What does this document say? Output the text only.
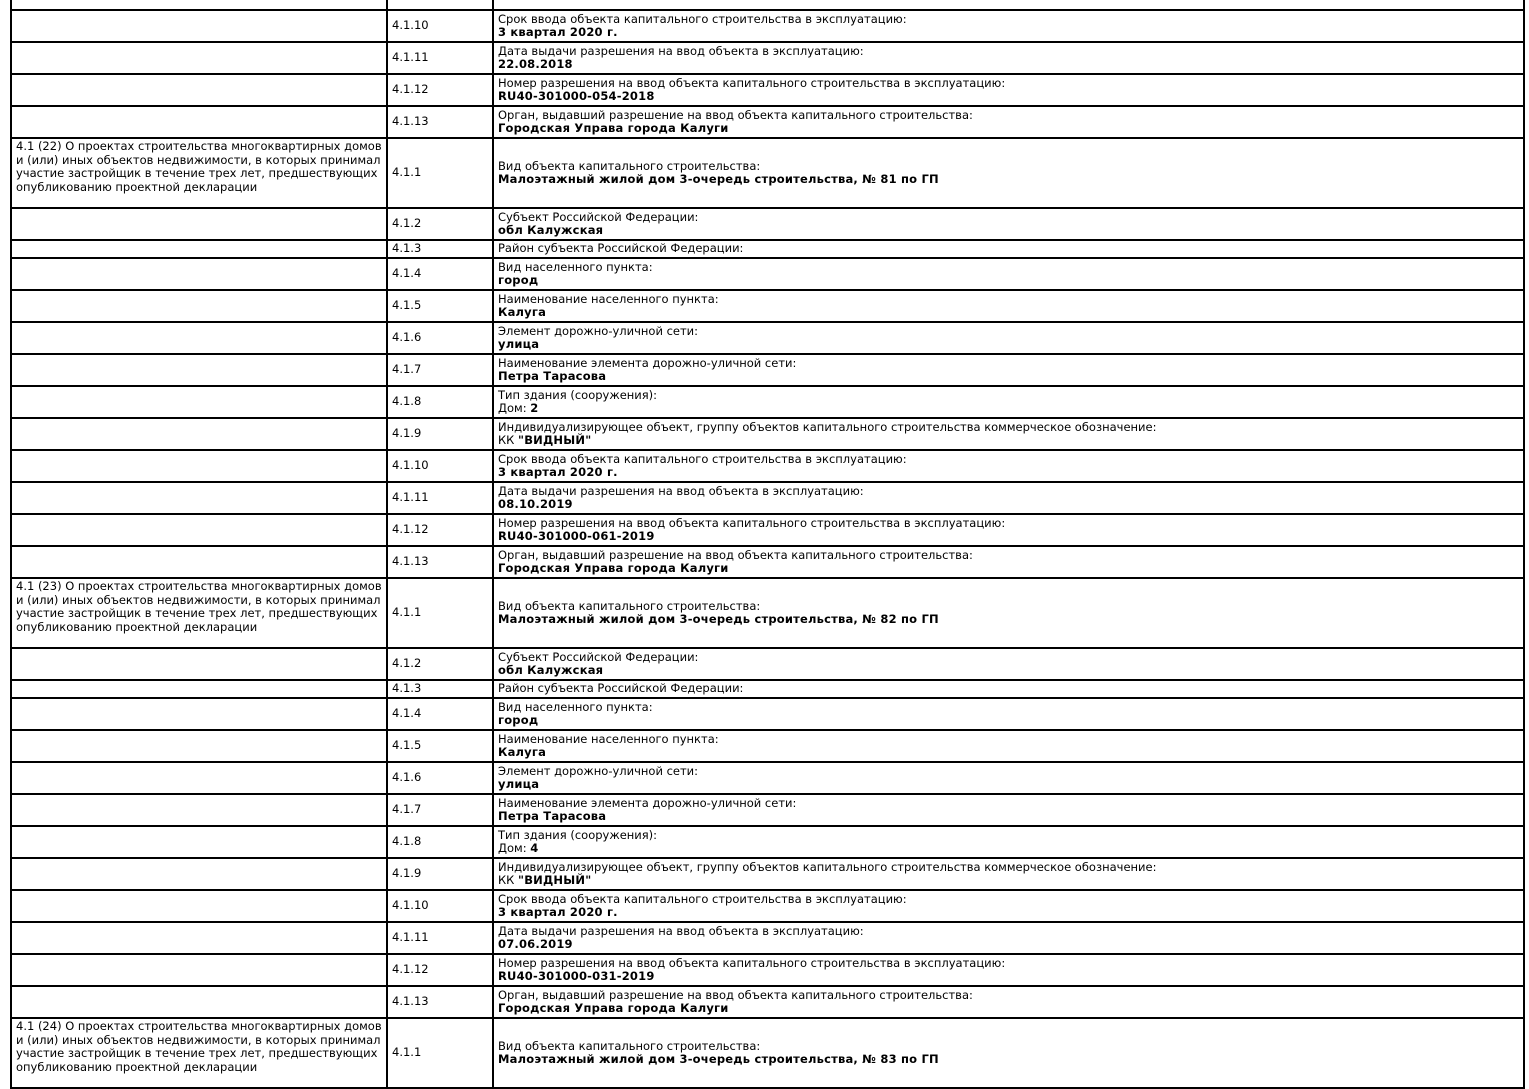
	4.1.10	Срок ввода объекта капитального строительства в эксплуатацию:
3 квартал 2020 г.

	4.1.11	Дата выдачи разрешения на ввод объекта в эксплуатацию:
22.08.2018

	4.1.12	Номер разрешения на ввод объекта капитального строительства в эксплуатацию:
RU40-301000-054-2018

	4.1.13	Орган, выдавший разрешение на ввод объекта капитального строительства:
Городская Управа города Калуги

4.1 (22) О проектах строительства многоквартирных домов и (или) иных объектов недвижимости, в которых принимал участие застройщик в течение трех лет, предшествующих опубликованию проектной декларации	4.1.1	Вид объекта капитального строительства:
Малоэтажный жилой дом 3-очередь строительства, № 81 по ГП

	4.1.2	Субъект Российской Федерации:
обл Калужская

	4.1.3	Район субъекта Российской Федерации:

	4.1.4	Вид населенного пункта:
город

	4.1.5	Наименование населенного пункта:
Калуга

	4.1.6	Элемент дорожно-уличной сети:
улица

	4.1.7	Наименование элемента дорожно-уличной сети:
Петра Тарасова

	4.1.8	Тип здания (сооружения):
Дом: 2

	4.1.9	Индивидуализирующее объект, группу объектов капитального строительства коммерческое обозначение:
КК "ВИДНЫЙ"

	4.1.10	Срок ввода объекта капитального строительства в эксплуатацию:
3 квартал 2020 г.

	4.1.11	Дата выдачи разрешения на ввод объекта в эксплуатацию:
08.10.2019

	4.1.12	Номер разрешения на ввод объекта капитального строительства в эксплуатацию:
RU40-301000-061-2019

	4.1.13	Орган, выдавший разрешение на ввод объекта капитального строительства:
Городская Управа города Калуги

4.1 (23) О проектах строительства многоквартирных домов и (или) иных объектов недвижимости, в которых принимал участие застройщик в течение трех лет, предшествующих опубликованию проектной декларации	4.1.1	Вид объекта капитального строительства:
Малоэтажный жилой дом 3-очередь строительства, № 82 по ГП

	4.1.2	Субъект Российской Федерации:
обл Калужская

	4.1.3	Район субъекта Российской Федерации:

	4.1.4	Вид населенного пункта:
город

	4.1.5	Наименование населенного пункта:
Калуга

	4.1.6	Элемент дорожно-уличной сети:
улица

	4.1.7	Наименование элемента дорожно-уличной сети:
Петра Тарасова

	4.1.8	Тип здания (сооружения):
Дом: 4

	4.1.9	Индивидуализирующее объект, группу объектов капитального строительства коммерческое обозначение:
КК "ВИДНЫЙ"

	4.1.10	Срок ввода объекта капитального строительства в эксплуатацию:
3 квартал 2020 г.

	4.1.11	Дата выдачи разрешения на ввод объекта в эксплуатацию:
07.06.2019

	4.1.12	Номер разрешения на ввод объекта капитального строительства в эксплуатацию:
RU40-301000-031-2019

	4.1.13	Орган, выдавший разрешение на ввод объекта капитального строительства:
Городская Управа города Калуги

4.1 (24) О проектах строительства многоквартирных домов и (или) иных объектов недвижимости, в которых принимал участие застройщик в течение трех лет, предшествующих опубликованию проектной декларации	4.1.1	Вид объекта капитального строительства:
Малоэтажный жилой дом 3-очередь строительства, № 83 по ГП
